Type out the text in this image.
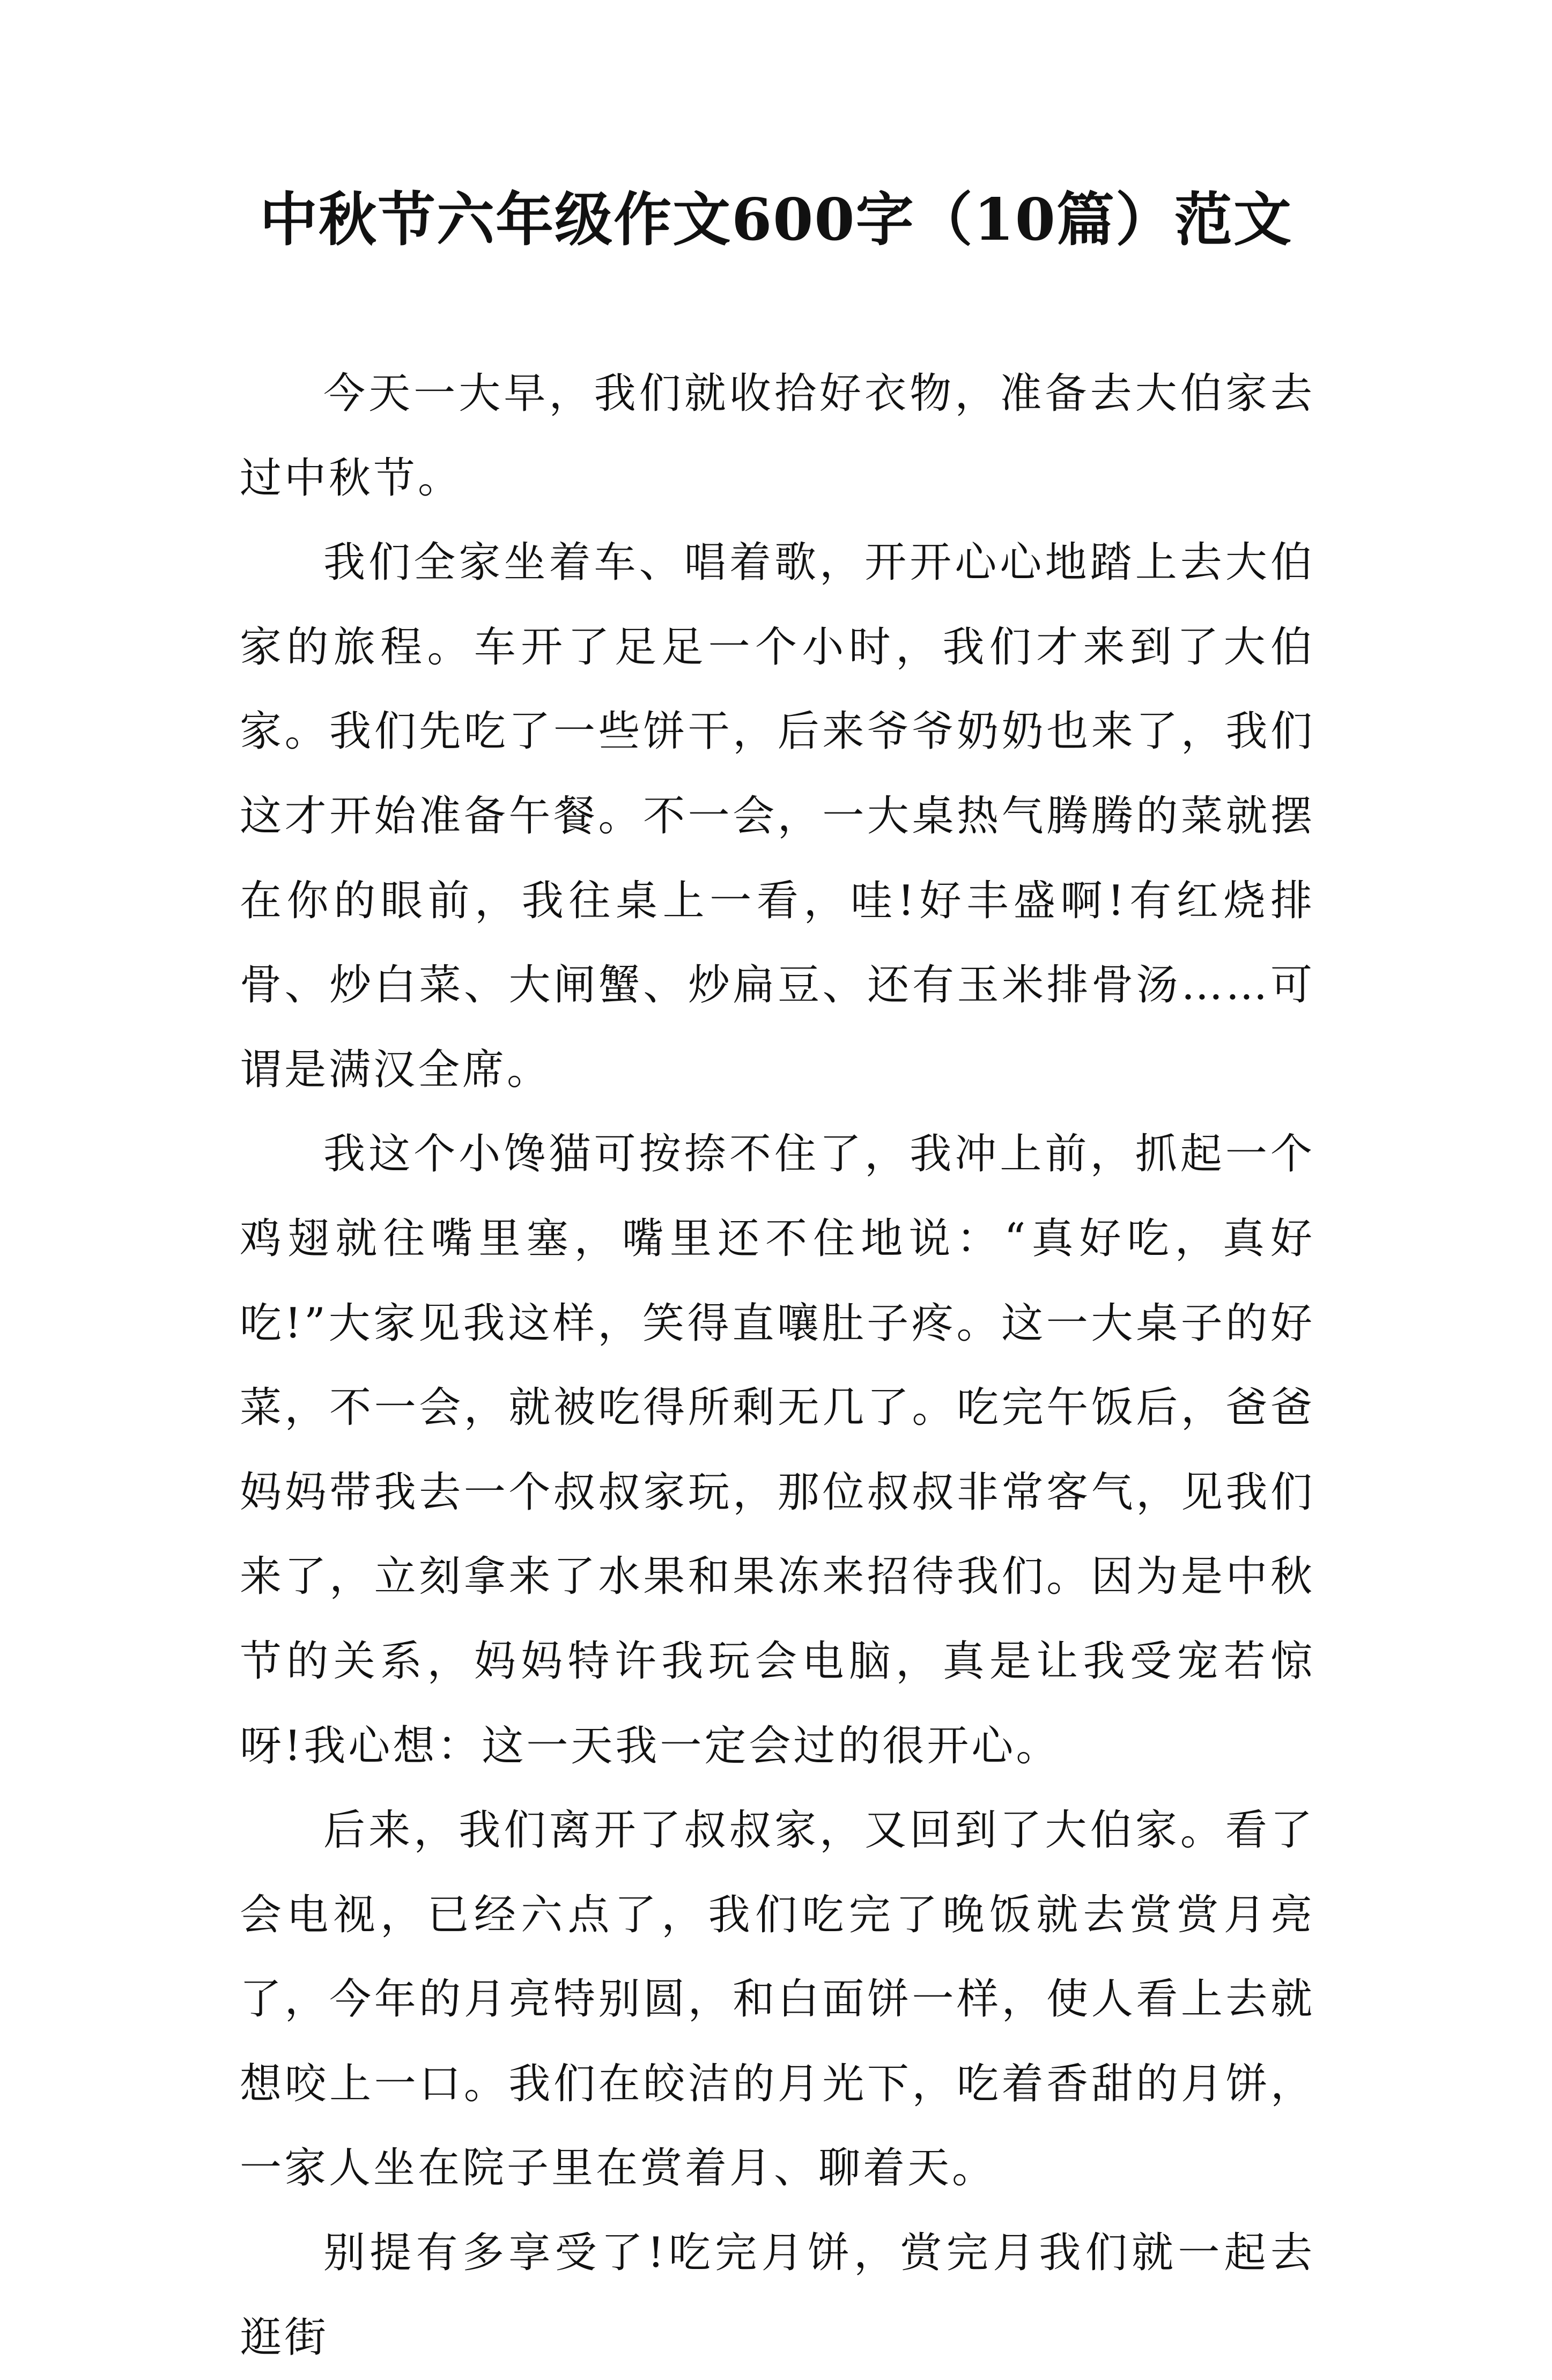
中秋节六年级作文600字（10篇）范文

今天一大早，我们就收拾好衣物，准备去大伯家去过中秋节。

我们全家坐着车、唱着歌，开开心心地踏上去大伯家的旅程。车开了足足一个小时，我们才来到了大伯家。我们先吃了一些饼干，后来爷爷奶奶也来了，我们这才开始准备午餐。不一会，一大桌热气腾腾的菜就摆在你的眼前，我往桌上一看，哇!好丰盛啊!有红烧排骨、炒白菜、大闸蟹、炒扁豆、还有玉米排骨汤……可谓是满汉全席。

我这个小馋猫可按捺不住了，我冲上前，抓起一个鸡翅就往嘴里塞，嘴里还不住地说：“真好吃，真好吃!”大家见我这样，笑得直嚷肚子疼。这一大桌子的好菜，不一会，就被吃得所剩无几了。吃完午饭后，爸爸妈妈带我去一个叔叔家玩，那位叔叔非常客气，见我们来了，立刻拿来了水果和果冻来招待我们。因为是中秋节的关系，妈妈特许我玩会电脑，真是让我受宠若惊呀!我心想：这一天我一定会过的很开心。

后来，我们离开了叔叔家，又回到了大伯家。看了会电视，已经六点了，我们吃完了晚饭就去赏赏月亮了，今年的月亮特别圆，和白面饼一样，使人看上去就想咬上一口。我们在皎洁的月光下，吃着香甜的月饼，一家人坐在院子里在赏着月、聊着天。

别提有多享受了!吃完月饼，赏完月我们就一起去逛街
